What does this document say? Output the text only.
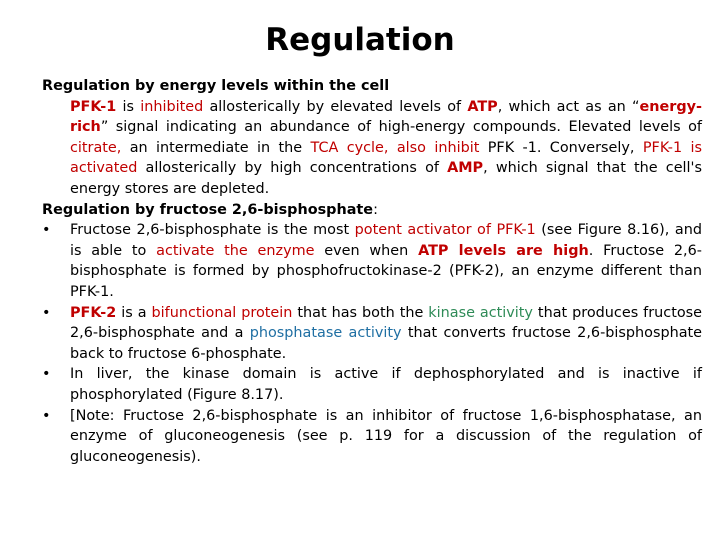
Regulation

Regulation by energy levels within the cell

PFK-1 is inhibited allosterically by elevated levels of ATP, which act as an “energy-rich” signal indicating an abundance of high-energy compounds. Elevated levels of citrate, an intermediate in the TCA cycle, also inhibit PFK -1. Conversely, PFK-1 is activated allosterically by high concentrations of AMP, which signal that the cell's energy stores are depleted.

Regulation by fructose 2,6-bisphosphate:

•	Fructose 2,6-bisphosphate is the most potent activator of PFK-1 (see Figure 8.16), and is able to activate the enzyme even when ATP levels are high. Fructose 2,6-bisphosphate is formed by phosphofructokinase-2 (PFK-2), an enzyme different than PFK-1.

•	PFK-2 is a bifunctional protein that has both the kinase activity that produces fructose 2,6-bisphosphate and a phosphatase activity that converts fructose 2,6-bisphosphate back to fructose 6-phosphate.

•	In liver, the kinase domain is active if dephosphorylated and is inactive if phosphorylated (Figure 8.17).

•	[Note: Fructose 2,6-bisphosphate is an inhibitor of fructose 1,6-bisphosphatase, an enzyme of gluconeogenesis (see p. 119 for a discussion of the regulation of gluconeogenesis).
